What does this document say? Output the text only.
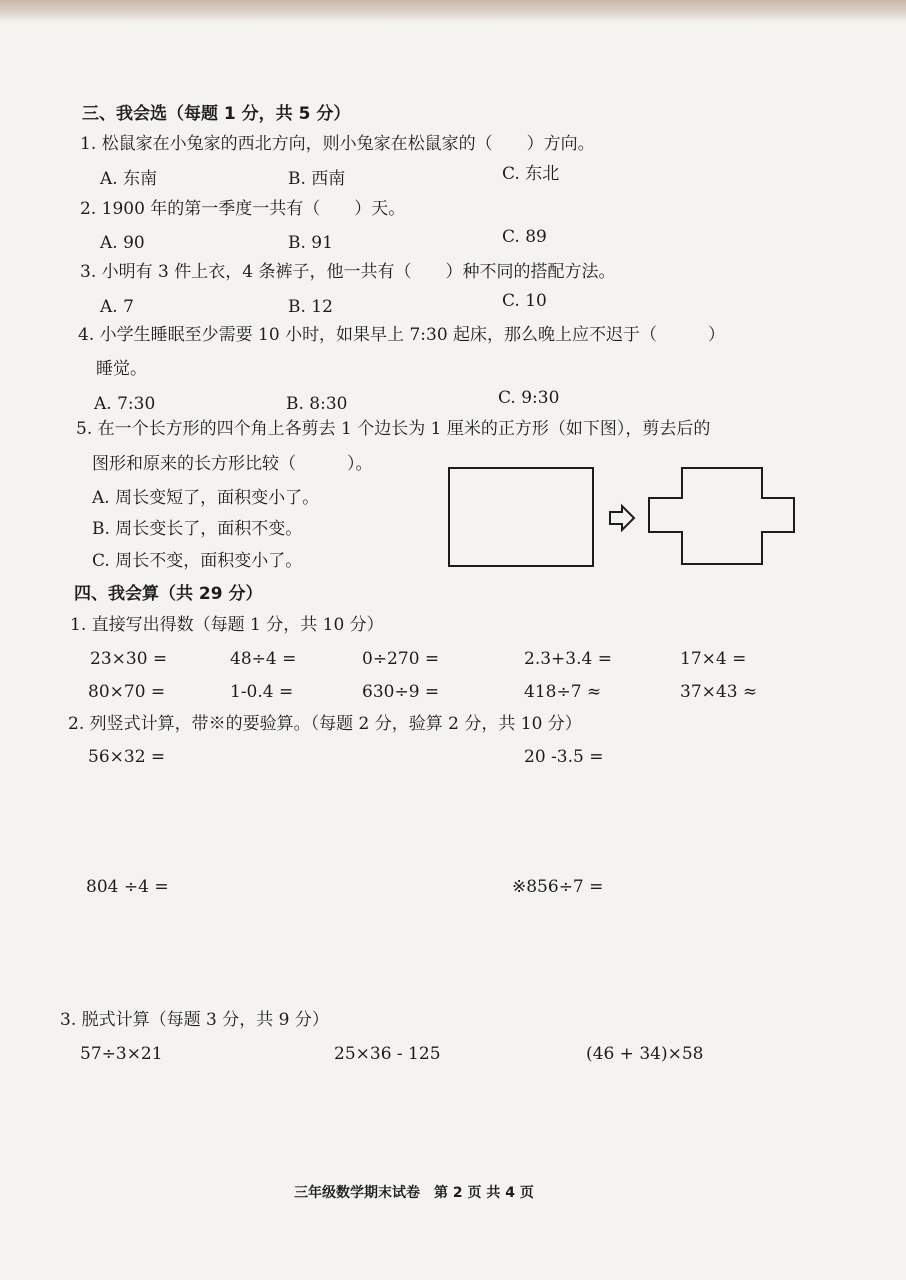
三、我会选（每题 1 分，共 5 分）
1. 松鼠家在小兔家的西北方向，则小兔家在松鼠家的（　　）方向。
A. 东南	B. 西南	C. 东北
2. 1900 年的第一季度一共有（　　）天。
A. 90	B. 91	C. 89
3. 小明有 3 件上衣，4 条裤子，他一共有（　　）种不同的搭配方法。
A. 7	B. 12	C. 10
4. 小学生睡眠至少需要 10 小时，如果早上 7:30 起床，那么晚上应不迟于（　　　）
睡觉。
A. 7:30	B. 8:30	C. 9:30
5. 在一个长方形的四个角上各剪去 1 个边长为 1 厘米的正方形（如下图），剪去后的
图形和原来的长方形比较（　　　）。
A. 周长变短了，面积变小了。
B. 周长变长了，面积不变。
C. 周长不变，面积变小了。
四、我会算（共 29 分）
1. 直接写出得数（每题 1 分，共 10 分）
23×30 =	48÷4 =	0÷270 =	2.3+3.4 =	17×4 =
80×70 =	1-0.4 =	630÷9 =	418÷7 ≈	37×43 ≈
2. 列竖式计算，带※的要验算。（每题 2 分，验算 2 分，共 10 分）
56×32 =	20 -3.5 =
804 ÷4 =	※856÷7 =
3. 脱式计算（每题 3 分，共 9 分）
57÷3×21	25×36 - 125	(46 + 34)×58
三年级数学期末试卷　第 2 页 共 4 页
